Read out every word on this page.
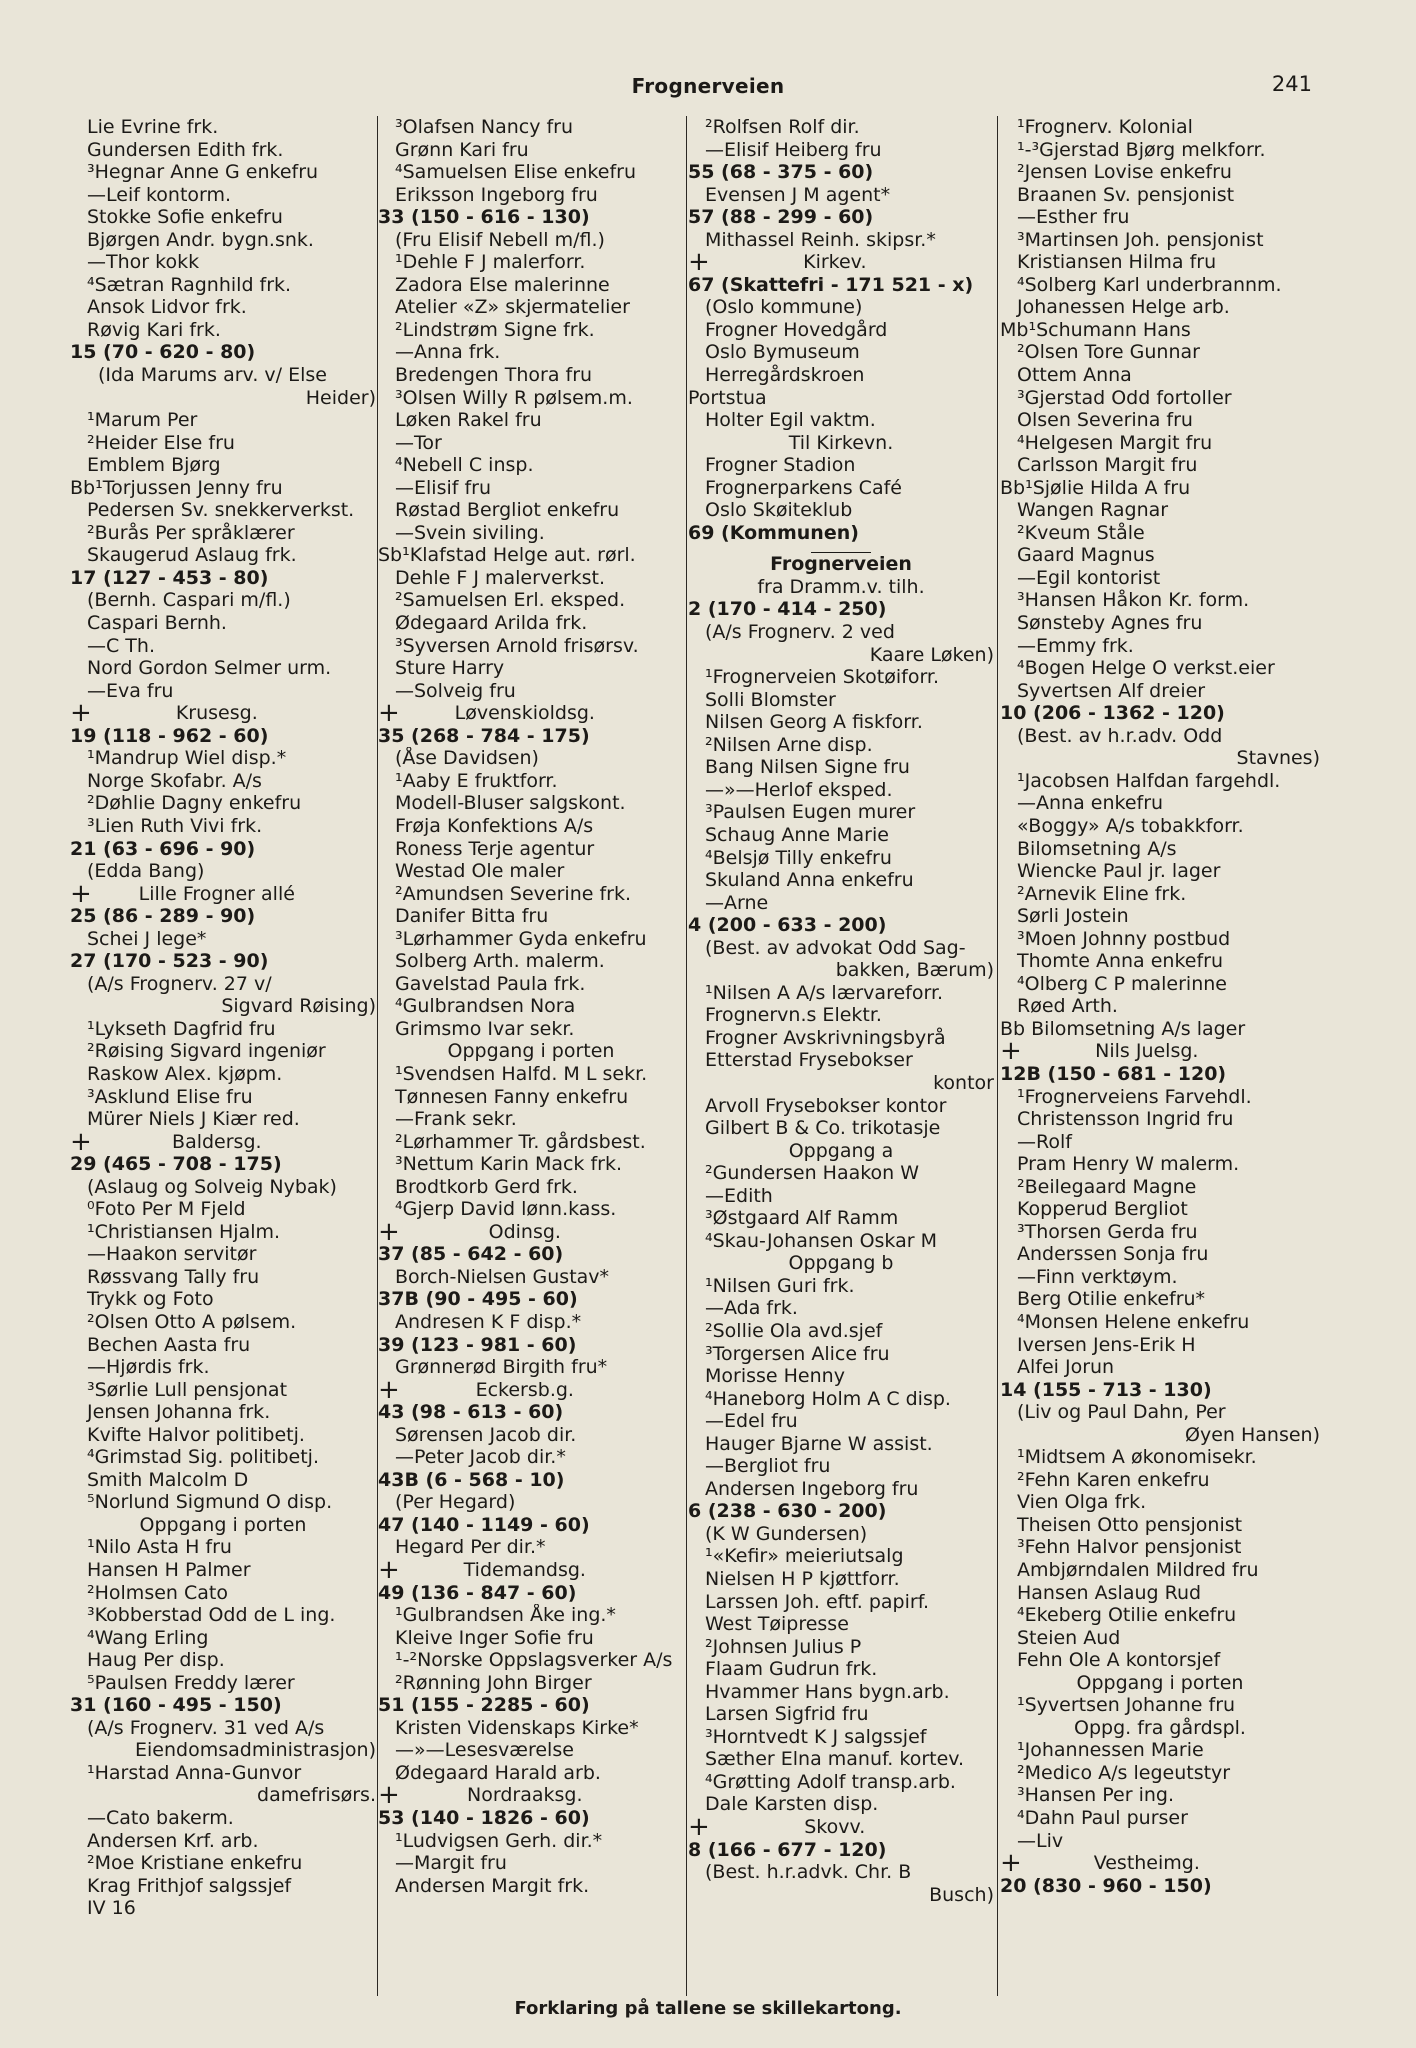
Frognerveien	241
Lie Evrine frk.
Gundersen Edith frk.
³Hegnar Anne G enkefru
—Leif kontorm.
Stokke Sofie enkefru
Bjørgen Andr. bygn.snk.
—Thor kokk
⁴Sætran Ragnhild frk.
Ansok Lidvor frk.
Røvig Kari frk.
15 (70 - 620 - 80)
(Ida Marums arv. v/ Else
Heider)
¹Marum Per
²Heider Else fru
Emblem Bjørg
Bb¹Torjussen Jenny fru
Pedersen Sv. snekkerverkst.
²Burås Per språklærer
Skaugerud Aslaug frk.
17 (127 - 453 - 80)
(Bernh. Caspari m/fl.)
Caspari Bernh.
—C Th.
Nord Gordon Selmer urm.
—Eva fru
+	Krusesg.
19 (118 - 962 - 60)
¹Mandrup Wiel disp.*
Norge Skofabr. A/s
²Døhlie Dagny enkefru
³Lien Ruth Vivi frk.
21 (63 - 696 - 90)
(Edda Bang)
+ Lille Frogner allé
25 (86 - 289 - 90)
Schei J lege*
27 (170 - 523 - 90)
(A/s Frognerv. 27 v/
Sigvard Røising)
¹Lykseth Dagfrid fru
²Røising Sigvard ingeniør
Raskow Alex. kjøpm.
³Asklund Elise fru
Mürer Niels J Kiær red.
+	Baldersg.
29 (465 - 708 - 175)
(Aslaug og Solveig Nybak)
⁰Foto Per M Fjeld
¹Christiansen Hjalm.
—Haakon servitør
Røssvang Tally fru
Trykk og Foto
²Olsen Otto A pølsem.
Bechen Aasta fru
—Hjørdis frk.
³Sørlie Lull pensjonat
Jensen Johanna frk.
Kvifte Halvor politibetj.
⁴Grimstad Sig. politibetj.
Smith Malcolm D
⁵Norlund Sigmund O disp.
Oppgang i porten
¹Nilo Asta H fru
Hansen H Palmer
²Holmsen Cato
³Kobberstad Odd de L ing.
⁴Wang Erling
Haug Per disp.
⁵Paulsen Freddy lærer
31 (160 - 495 - 150)
(A/s Frognerv. 31 ved A/s
Eiendomsadministrasjon)
¹Harstad Anna-Gunvor
damefrisørs.
—Cato bakerm.
Andersen Krf. arb.
²Moe Kristiane enkefru
Krag Frithjof salgssjef
IV 16
³Olafsen Nancy fru
Grønn Kari fru
⁴Samuelsen Elise enkefru
Eriksson Ingeborg fru
33 (150 - 616 - 130)
(Fru Elisif Nebell m/fl.)
¹Dehle F J malerforr.
Zadora Else malerinne
Atelier «Z» skjermatelier
²Lindstrøm Signe frk.
—Anna frk.
Bredengen Thora fru
³Olsen Willy R pølsem.m.
Løken Rakel fru
—Tor
⁴Nebell C insp.
—Elisif fru
Røstad Bergliot enkefru
—Svein siviling.
Sb¹Klafstad Helge aut. rørl.
Dehle F J malerverkst.
²Samuelsen Erl. eksped.
Ødegaard Arilda frk.
³Syversen Arnold frisørsv.
Sture Harry
—Solveig fru
+	Løvenskioldsg.
35 (268 - 784 - 175)
(Åse Davidsen)
¹Aaby E fruktforr.
Modell-Bluser salgskont.
Frøja Konfektions A/s
Roness Terje agentur
Westad Ole maler
²Amundsen Severine frk.
Danifer Bitta fru
³Lørhammer Gyda enkefru
Solberg Arth. malerm.
Gavelstad Paula frk.
⁴Gulbrandsen Nora
Grimsmo Ivar sekr.
Oppgang i porten
¹Svendsen Halfd. M L sekr.
Tønnesen Fanny enkefru
—Frank sekr.
²Lørhammer Tr. gårdsbest.
³Nettum Karin Mack frk.
Brodtkorb Gerd frk.
⁴Gjerp David lønn.kass.
+	Odinsg.
37 (85 - 642 - 60)
Borch-Nielsen Gustav*
37B (90 - 495 - 60)
Andresen K F disp.*
39 (123 - 981 - 60)
Grønnerød Birgith fru*
+	Eckersb.g.
43 (98 - 613 - 60)
Sørensen Jacob dir.
—Peter Jacob dir.*
43B (6 - 568 - 10)
(Per Hegard)
47 (140 - 1149 - 60)
Hegard Per dir.*
+	Tidemandsg.
49 (136 - 847 - 60)
¹Gulbrandsen Åke ing.*
Kleive Inger Sofie fru
¹-²Norske Oppslagsverker A/s
²Rønning John Birger
51 (155 - 2285 - 60)
Kristen Videnskaps Kirke*
—»—Lesesværelse
Ødegaard Harald arb.
+	Nordraaksg.
53 (140 - 1826 - 60)
¹Ludvigsen Gerh. dir.*
—Margit fru
Andersen Margit frk.
²Rolfsen Rolf dir.
—Elisif Heiberg fru
55 (68 - 375 - 60)
Evensen J M agent*
57 (88 - 299 - 60)
Mithassel Reinh. skipsr.*
+	Kirkev.
67 (Skattefri - 171 521 - x)
(Oslo kommune)
Frogner Hovedgård
Oslo Bymuseum
Herregårdskroen
Portstua
Holter Egil vaktm.
Til Kirkevn.
Frogner Stadion
Frognerparkens Café
Oslo Skøiteklub
69 (Kommunen)
Frognerveien
fra Dramm.v. tilh.
2 (170 - 414 - 250)
(A/s Frognerv. 2 ved
Kaare Løken)
¹Frognerveien Skotøiforr.
Solli Blomster
Nilsen Georg A fiskforr.
²Nilsen Arne disp.
Bang Nilsen Signe fru
—»—Herlof eksped.
³Paulsen Eugen murer
Schaug Anne Marie
⁴Belsjø Tilly enkefru
Skuland Anna enkefru
—Arne
4 (200 - 633 - 200)
(Best. av advokat Odd Sag-
bakken, Bærum)
¹Nilsen A A/s lærvareforr.
Frognervn.s Elektr.
Frogner Avskrivningsbyrå
Etterstad Frysebokser
kontor
Arvoll Frysebokser kontor
Gilbert B & Co. trikotasje
Oppgang a
²Gundersen Haakon W
—Edith
³Østgaard Alf Ramm
⁴Skau-Johansen Oskar M
Oppgang b
¹Nilsen Guri frk.
—Ada frk.
²Sollie Ola avd.sjef
³Torgersen Alice fru
Morisse Henny
⁴Haneborg Holm A C disp.
—Edel fru
Hauger Bjarne W assist.
—Bergliot fru
Andersen Ingeborg fru
6 (238 - 630 - 200)
(K W Gundersen)
¹«Kefir» meieriutsalg
Nielsen H P kjøttforr.
Larssen Joh. eftf. papirf.
West Tøipresse
²Johnsen Julius P
Flaam Gudrun frk.
Hvammer Hans bygn.arb.
Larsen Sigfrid fru
³Horntvedt K J salgssjef
Sæther Elna manuf. kortev.
⁴Grøtting Adolf transp.arb.
Dale Karsten disp.
+	Skovv.
8 (166 - 677 - 120)
(Best. h.r.advk. Chr. B
Busch)
¹Frognerv. Kolonial
¹-³Gjerstad Bjørg melkforr.
²Jensen Lovise enkefru
Braanen Sv. pensjonist
—Esther fru
³Martinsen Joh. pensjonist
Kristiansen Hilma fru
⁴Solberg Karl underbrannm.
Johanessen Helge arb.
Mb¹Schumann Hans
²Olsen Tore Gunnar
Ottem Anna
³Gjerstad Odd fortoller
Olsen Severina fru
⁴Helgesen Margit fru
Carlsson Margit fru
Bb¹Sjølie Hilda A fru
Wangen Ragnar
²Kveum Ståle
Gaard Magnus
—Egil kontorist
³Hansen Håkon Kr. form.
Sønsteby Agnes fru
—Emmy frk.
⁴Bogen Helge O verkst.eier
Syvertsen Alf dreier
10 (206 - 1362 - 120)
(Best. av h.r.adv. Odd
Stavnes)
¹Jacobsen Halfdan fargehdl.
—Anna enkefru
«Boggy» A/s tobakkforr.
Bilomsetning A/s
Wiencke Paul jr. lager
²Arnevik Eline frk.
Sørli Jostein
³Moen Johnny postbud
Thomte Anna enkefru
⁴Olberg C P malerinne
Røed Arth.
Bb Bilomsetning A/s lager
+	Nils Juelsg.
12B (150 - 681 - 120)
¹Frognerveiens Farvehdl.
Christensson Ingrid fru
—Rolf
Pram Henry W malerm.
²Beilegaard Magne
Kopperud Bergliot
³Thorsen Gerda fru
Anderssen Sonja fru
—Finn verktøym.
Berg Otilie enkefru*
⁴Monsen Helene enkefru
Iversen Jens-Erik H
Alfei Jorun
14 (155 - 713 - 130)
(Liv og Paul Dahn, Per
Øyen Hansen)
¹Midtsem A økonomisekr.
²Fehn Karen enkefru
Vien Olga frk.
Theisen Otto pensjonist
³Fehn Halvor pensjonist
Ambjørndalen Mildred fru
Hansen Aslaug Rud
⁴Ekeberg Otilie enkefru
Steien Aud
Fehn Ole A kontorsjef
Oppgang i porten
¹Syvertsen Johanne fru
Oppg. fra gårdspl.
¹Johannessen Marie
²Medico A/s legeutstyr
³Hansen Per ing.
⁴Dahn Paul purser
—Liv
+	Vestheimg.
20 (830 - 960 - 150)
Forklaring på tallene se skillekartong.
